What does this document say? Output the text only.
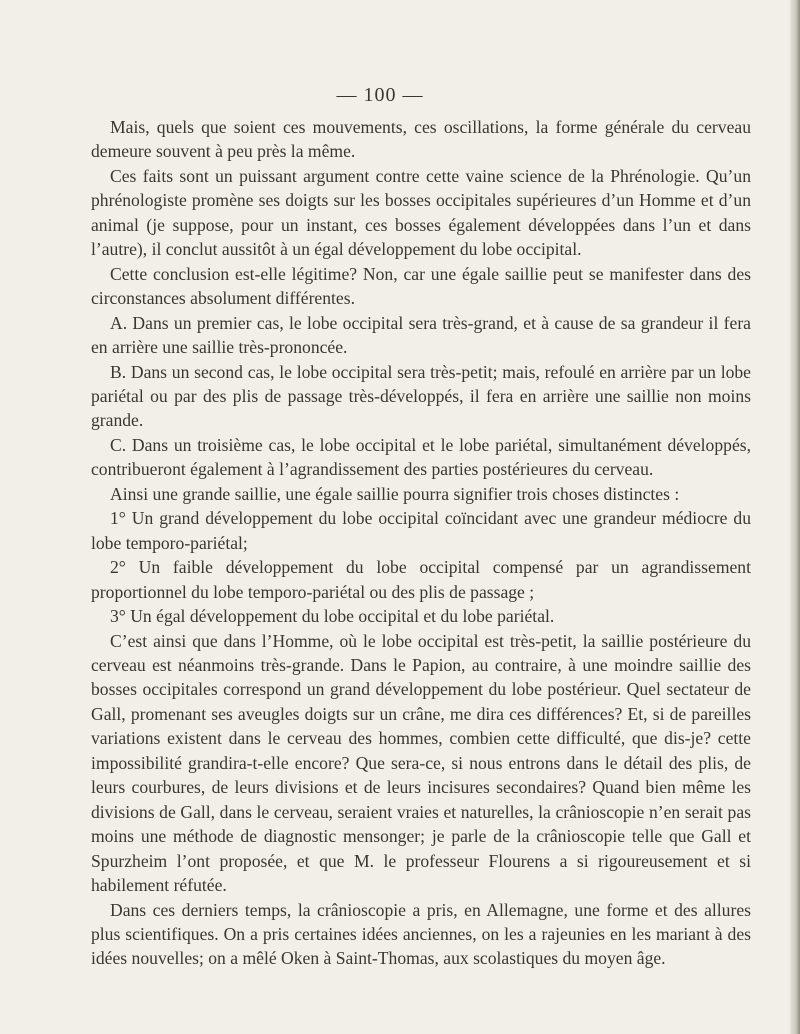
— 100 —

Mais, quels que soient ces mouvements, ces oscillations, la forme générale du cerveau demeure souvent à peu près la même.

Ces faits sont un puissant argument contre cette vaine science de la Phrénologie. Qu’un phrénologiste promène ses doigts sur les bosses occipitales supérieures d’un Homme et d’un animal (je suppose, pour un instant, ces bosses également développées dans l’un et dans l’autre), il conclut aussitôt à un égal développement du lobe occipital.

Cette conclusion est-elle légitime? Non, car une égale saillie peut se manifester dans des circonstances absolument différentes.

A. Dans un premier cas, le lobe occipital sera très-grand, et à cause de sa grandeur il fera en arrière une saillie très-prononcée.

B. Dans un second cas, le lobe occipital sera très-petit; mais, refoulé en arrière par un lobe pariétal ou par des plis de passage très-développés, il fera en arrière une saillie non moins grande.

C. Dans un troisième cas, le lobe occipital et le lobe pariétal, simultanément développés, contribueront également à l’agrandissement des parties postérieures du cerveau.

Ainsi une grande saillie, une égale saillie pourra signifier trois choses distinctes :

1° Un grand développement du lobe occipital coïncidant avec une grandeur médiocre du lobe temporo-pariétal;

2° Un faible développement du lobe occipital compensé par un agrandissement proportionnel du lobe temporo-pariétal ou des plis de passage ;

3° Un égal développement du lobe occipital et du lobe pariétal.

C’est ainsi que dans l’Homme, où le lobe occipital est très-petit, la saillie postérieure du cerveau est néanmoins très-grande. Dans le Papion, au contraire, à une moindre saillie des bosses occipitales correspond un grand développement du lobe postérieur. Quel sectateur de Gall, promenant ses aveugles doigts sur un crâne, me dira ces différences? Et, si de pareilles variations existent dans le cerveau des hommes, combien cette difficulté, que dis-je? cette impossibilité grandira-t-elle encore? Que sera-ce, si nous entrons dans le détail des plis, de leurs courbures, de leurs divisions et de leurs incisures secondaires? Quand bien même les divisions de Gall, dans le cerveau, seraient vraies et naturelles, la crânioscopie n’en serait pas moins une méthode de diagnostic mensonger; je parle de la crânioscopie telle que Gall et Spurzheim l’ont proposée, et que M. le professeur Flourens a si rigoureusement et si habilement réfutée.

Dans ces derniers temps, la crânioscopie a pris, en Allemagne, une forme et des allures plus scientifiques. On a pris certaines idées anciennes, on les a rajeunies en les mariant à des idées nouvelles; on a mêlé Oken à Saint-Thomas, aux scolastiques du moyen âge.
